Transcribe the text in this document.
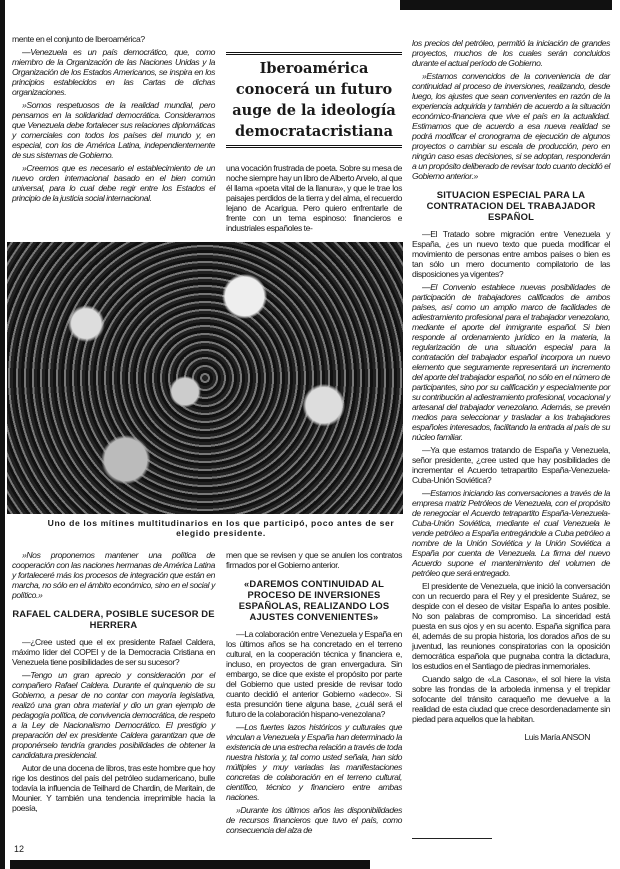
mente en el conjunto de Iberoamérica?

—Venezuela es un país democrático, que, como miembro de la Organización de las Naciones Unidas y la Organización de los Estados Americanos, se inspira en los principios establecidos en las Cartas de dichas organizaciones.

»Somos respetuosos de la realidad mundial, pero pensamos en la solidaridad democrática. Consideramos que Venezuela debe fortalecer sus relaciones diplomáticas y comerciales con todos los países del mundo y, en especial, con los de América Latina, independientemente de sus sistemas de Gobierno.

»Creemos que es necesario el establecimiento de un nuevo orden internacional basado en el bien común universal, para lo cual debe regir entre los Estados el principio de la justicia social internacional.

Iberoamérica conocerá un futuro auge de la ideología democratacristiana

una vocación frustrada de poeta. Sobre su mesa de noche siempre hay un libro de Alberto Arvelo, al que él llama «poeta vital de la llanura», y que le trae los paisajes perdidos de la tierra y del alma, el recuerdo lejano de Acarigua. Pero quiero enfrentarle de frente con un tema espinoso: financieros e industriales españoles te-

Uno de los mítines multitudinarios en los que participó, poco antes de ser elegido presidente.

»Nos proponemos mantener una política de cooperación con las naciones hermanas de América Latina y fortaleceré más los procesos de integración que están en marcha, no sólo en el ámbito económico, sino en el social y político.»

RAFAEL CALDERA, POSIBLE SUCESOR DE HERRERA

—¿Cree usted que el ex presidente Rafael Caldera, máximo líder del COPEI y de la Democracia Cristiana en Venezuela tiene posibilidades de ser su sucesor?

—Tengo un gran aprecio y consideración por el compañero Rafael Caldera. Durante el quinquenio de su Gobierno, a pesar de no contar con mayoría legislativa, realizó una gran obra material y dio un gran ejemplo de pedagogía política, de convivencia democrática, de respeto a la Ley de Nacionalismo Democrático. El prestigio y preparación del ex presidente Caldera garantizan que de proponérselo tendría grandes posibilidades de obtener la candidatura presidencial.

Autor de una docena de libros, tras este hombre que hoy rige los destinos del país del petróleo sudamericano, bulle todavía la influencia de Teilhard de Chardin, de Maritain, de Mounier. Y también una tendencia irreprimible hacia la poesía,

men que se revisen y que se anulen los contratos firmados por el Gobierno anterior.

«DAREMOS CONTINUIDAD AL PROCESO DE INVERSIONES ESPAÑOLAS, REALIZANDO LOS AJUSTES CONVENIENTES»

—La colaboración entre Venezuela y España en los últimos años se ha concretado en el terreno cultural, en la cooperación técnica y financiera e, incluso, en proyectos de gran envergadura. Sin embargo, se dice que existe el propósito por parte del Gobierno que usted preside de revisar todo cuanto decidió el anterior Gobierno «adeco». Si esta presunción tiene alguna base, ¿cuál será el futuro de la colaboración hispano-venezolana?

—Los fuertes lazos históricos y culturales que vinculan a Venezuela y España han determinado la existencia de una estrecha relación a través de toda nuestra historia y, tal como usted señala, han sido múltiples y muy variadas las manifestaciones concretas de colaboración en el terreno cultural, científico, técnico y financiero entre ambas naciones.

»Durante los últimos años las disponibilidades de recursos financieros que tuvo el país, como consecuencia del alza de

los precios del petróleo, permitió la iniciación de grandes proyectos, muchos de los cuales serán concluidos durante el actual período de Gobierno.

»Estamos convencidos de la conveniencia de dar continuidad al proceso de inversiones, realizando, desde luego, los ajustes que sean convenientes en razón de la experiencia adquirida y también de acuerdo a la situación económico-financiera que vive el país en la actualidad. Estimamos que de acuerdo a esa nueva realidad se podrá modificar el cronograma de ejecución de algunos proyectos o cambiar su escala de producción, pero en ningún caso esas decisiones, si se adoptan, responderán a un propósito deliberado de revisar todo cuanto decidió el Gobierno anterior.»

SITUACION ESPECIAL PARA LA CONTRATACION DEL TRABAJADOR ESPAÑOL

—El Tratado sobre migración entre Venezuela y España, ¿es un nuevo texto que pueda modificar el movimiento de personas entre ambos países o bien es tan sólo un mero documento compilatorio de las disposiciones ya vigentes?

—El Convenio establece nuevas posibilidades de participación de trabajadores calificados de ambos países, así como un amplio marco de facilidades de adiestramiento profesional para el trabajador venezolano, mediante el aporte del inmigrante español. Si bien responde al ordenamiento jurídico en la materia, la regularización de una situación especial para la contratación del trabajador español incorpora un nuevo elemento que seguramente representará un incremento del aporte del trabajador español, no sólo en el número de participantes, sino por su calificación y especialmente por su contribución al adiestramiento profesional, vocacional y artesanal del trabajador venezolano. Además, se prevén medios para seleccionar y trasladar a los trabajadores españoles interesados, facilitando la entrada al país de su núcleo familiar.

—Ya que estamos tratando de España y Venezuela, señor presidente, ¿cree usted que hay posibilidades de incrementar el Acuerdo tetrapartito España-Venezuela-Cuba-Unión Soviética?

—Estamos iniciando las conversaciones a través de la empresa matriz Petróleos de Venezuela, con el propósito de renegociar el Acuerdo tetrapartito España-Venezuela-Cuba-Unión Soviética, mediante el cual Venezuela le vende petróleo a España entregándole a Cuba petróleo a nombre de la Unión Soviética y la Unión Soviética a España por cuenta de Venezuela. La firma del nuevo Acuerdo supone el mantenimiento del volumen de petróleo que será entregado.

El presidente de Venezuela, que inició la conversación con un recuerdo para el Rey y el presidente Suárez, se despide con el deseo de visitar España lo antes posible. No son palabras de compromiso. La sinceridad está puesta en sus ojos y en su acento. España significa para él, además de su propia historia, los dorados años de su juventud, las reuniones conspiratorias con la oposición democrática española que pugnaba contra la dictadura, los estudios en el Santiago de piedras inmemoriales.

Cuando salgo de «La Casona», el sol hiere la vista sobre las frondas de la arboleda inmensa y el trepidar sofocante del tránsito caraqueño me devuelve a la realidad de esta ciudad que crece desordenadamente sin piedad para aquellos que la habitan.

Luis María ANSON
12
